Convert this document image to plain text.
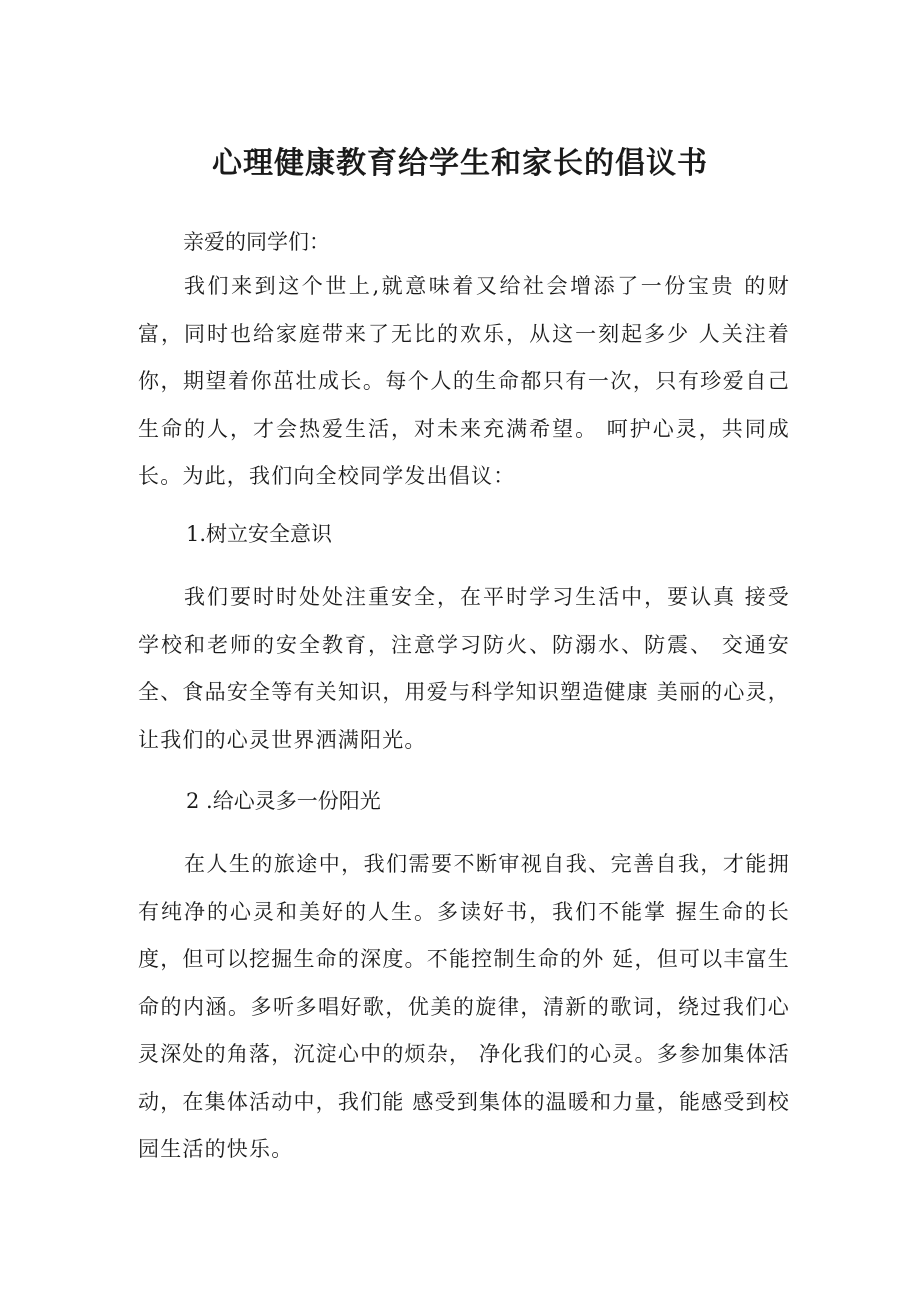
心理健康教育给学生和家长的倡议书

亲爱的同学们：

我们来到这个世上,就意味着又给社会增添了一份宝贵 的财富，同时也给家庭带来了无比的欢乐，从这一刻起多少 人关注着你，期望着你茁壮成长。每个人的生命都只有一次，只有珍爱自己生命的人，才会热爱生活，对未来充满希望。 呵护心灵，共同成长。为此，我们向全校同学发出倡议：

1.树立安全意识

我们要时时处处注重安全，在平时学习生活中，要认真 接受学校和老师的安全教育，注意学习防火、防溺水、防震、 交通安全、食品安全等有关知识，用爱与科学知识塑造健康 美丽的心灵，让我们的心灵世界洒满阳光。

2 .给心灵多一份阳光

在人生的旅途中，我们需要不断审视自我、完善自我，才能拥有纯净的心灵和美好的人生。多读好书，我们不能掌 握生命的长度，但可以挖掘生命的深度。不能控制生命的外 延，但可以丰富生命的内涵。多听多唱好歌，优美的旋律，清新的歌词，绕过我们心灵深处的角落，沉淀心中的烦杂， 净化我们的心灵。多参加集体活动，在集体活动中，我们能 感受到集体的温暖和力量，能感受到校园生活的快乐。
